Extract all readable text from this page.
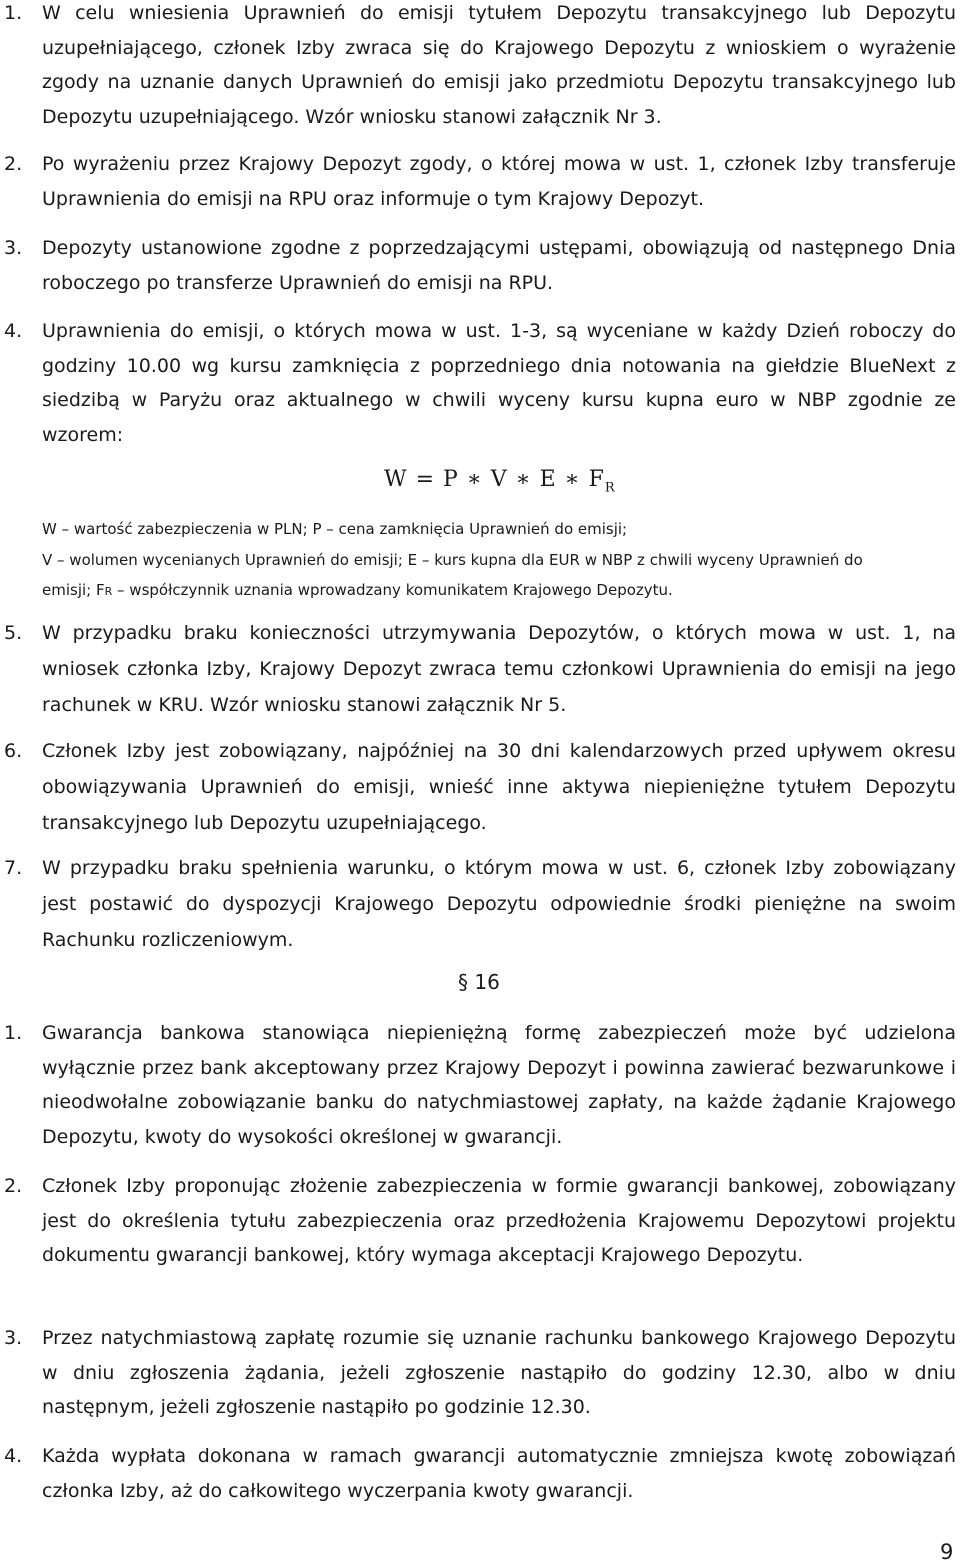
1.	W celu wniesienia Uprawnień do emisji tytułem Depozytu transakcyjnego lub Depozytu uzupełniającego, członek Izby zwraca się do Krajowego Depozytu z wnioskiem o wyrażenie zgody na uznanie danych Uprawnień do emisji jako przedmiotu Depozytu transakcyjnego lub Depozytu uzupełniającego. Wzór wniosku stanowi załącznik Nr 3.
2.	Po wyrażeniu przez Krajowy Depozyt zgody, o której mowa w ust. 1, członek Izby transferuje Uprawnienia do emisji na RPU oraz informuje o tym Krajowy Depozyt.
3.	Depozyty ustanowione zgodne z poprzedzającymi ustępami, obowiązują od następnego Dnia roboczego po transferze Uprawnień do emisji na RPU.
4.	Uprawnienia do emisji, o których mowa w ust. 1-3, są wyceniane w każdy Dzień roboczy do godziny 10.00 wg kursu zamknięcia z poprzedniego dnia notowania na giełdzie BlueNext z siedzibą w Paryżu oraz aktualnego w chwili wyceny kursu kupna euro w NBP zgodnie ze wzorem:
W = P ∗ V ∗ E ∗ $F_R$
W – wartość zabezpieczenia w PLN; P – cena zamknięcia Uprawnień do emisji;
V – wolumen wycenianych Uprawnień do emisji; E – kurs kupna dla EUR w NBP z chwili wyceny Uprawnień do
emisji; FR – współczynnik uznania wprowadzany komunikatem Krajowego Depozytu.
5.	W przypadku braku konieczności utrzymywania Depozytów, o których mowa w ust. 1, na wniosek członka Izby, Krajowy Depozyt zwraca temu członkowi Uprawnienia do emisji na jego rachunek w KRU. Wzór wniosku stanowi załącznik Nr 5.
6.	Członek Izby jest zobowiązany, najpóźniej na 30 dni kalendarzowych przed upływem okresu obowiązywania Uprawnień do emisji, wnieść inne aktywa niepieniężne tytułem Depozytu transakcyjnego lub Depozytu uzupełniającego.
7.	W przypadku braku spełnienia warunku, o którym mowa w ust. 6, członek Izby zobowiązany jest postawić do dyspozycji Krajowego Depozytu odpowiednie środki pieniężne na swoim Rachunku rozliczeniowym.
§ 16
1.	Gwarancja bankowa stanowiąca niepieniężną formę zabezpieczeń może być udzielona wyłącznie przez bank akceptowany przez Krajowy Depozyt i powinna zawierać bezwarunkowe i nieodwołalne zobowiązanie banku do natychmiastowej zapłaty, na każde żądanie Krajowego Depozytu, kwoty do wysokości określonej w gwarancji.
2.	Członek Izby proponując złożenie zabezpieczenia w formie gwarancji bankowej, zobowiązany jest do określenia tytułu zabezpieczenia oraz przedłożenia Krajowemu Depozytowi projektu dokumentu gwarancji bankowej, który wymaga akceptacji Krajowego Depozytu.
3.	Przez natychmiastową zapłatę rozumie się uznanie rachunku bankowego Krajowego Depozytu w dniu zgłoszenia żądania, jeżeli zgłoszenie nastąpiło do godziny 12.30, albo w dniu następnym, jeżeli zgłoszenie nastąpiło po godzinie 12.30.
4.	Każda wypłata dokonana w ramach gwarancji automatycznie zmniejsza kwotę zobowiązań członka Izby, aż do całkowitego wyczerpania kwoty gwarancji.
9
